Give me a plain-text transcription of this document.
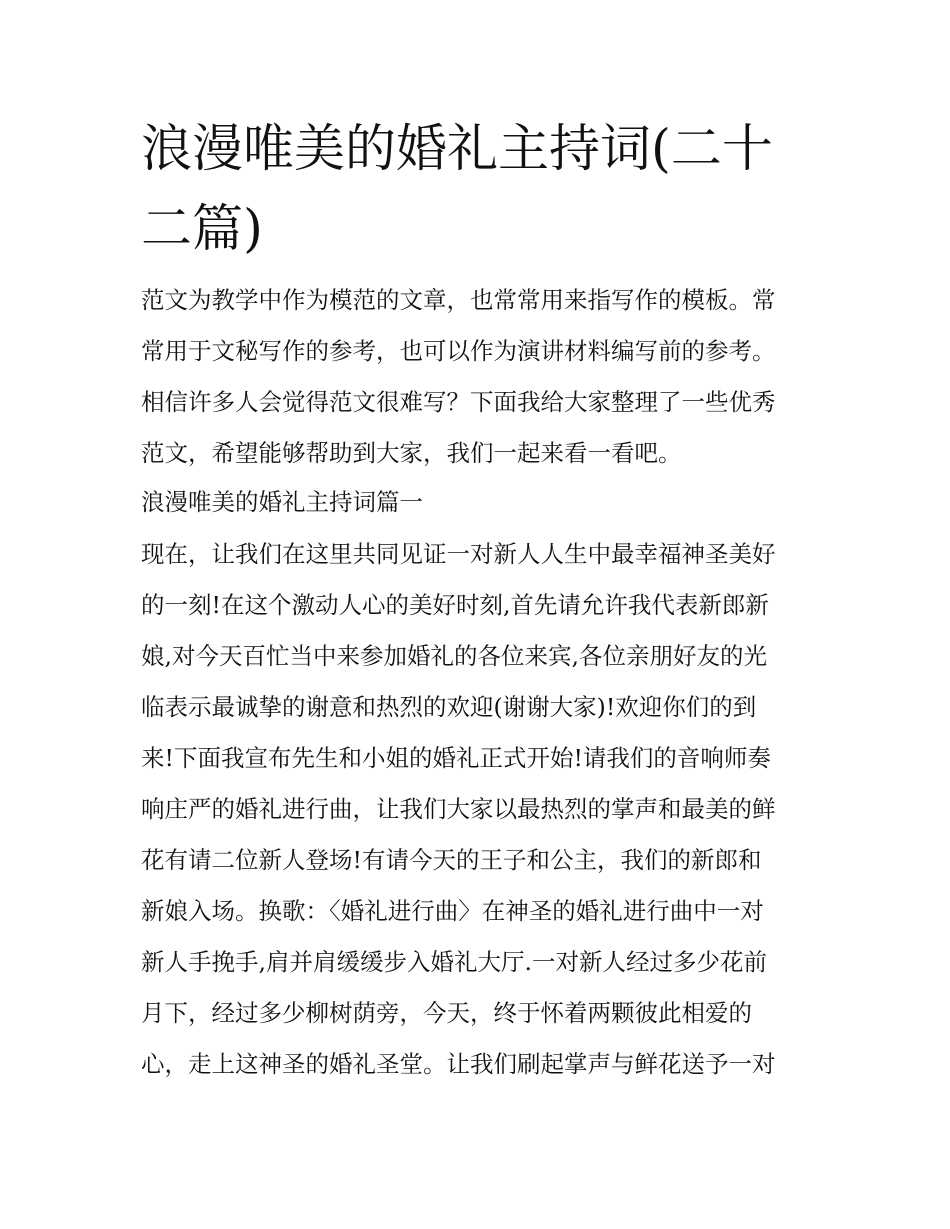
浪漫唯美的婚礼主持词(二十二篇)
范文为教学中作为模范的文章，也常常用来指写作的模板。常
常用于文秘写作的参考，也可以作为演讲材料编写前的参考。
相信许多人会觉得范文很难写？下面我给大家整理了一些优秀
范文，希望能够帮助到大家，我们一起来看一看吧。
浪漫唯美的婚礼主持词篇一
现在，让我们在这里共同见证一对新人人生中最幸福神圣美好
的一刻!在这个激动人心的美好时刻,首先请允许我代表新郎新
娘,对今天百忙当中来参加婚礼的各位来宾,各位亲朋好友的光
临表示最诚挚的谢意和热烈的欢迎(谢谢大家)!欢迎你们的到
来!下面我宣布先生和小姐的婚礼正式开始!请我们的音响师奏
响庄严的婚礼进行曲，让我们大家以最热烈的掌声和最美的鲜
花有请二位新人登场!有请今天的王子和公主，我们的新郎和
新娘入场。换歌：〈婚礼进行曲〉在神圣的婚礼进行曲中一对
新人手挽手,肩并肩缓缓步入婚礼大厅.一对新人经过多少花前
月下，经过多少柳树荫旁，今天，终于怀着两颗彼此相爱的
心，走上这神圣的婚礼圣堂。让我们刷起掌声与鲜花送予一对
